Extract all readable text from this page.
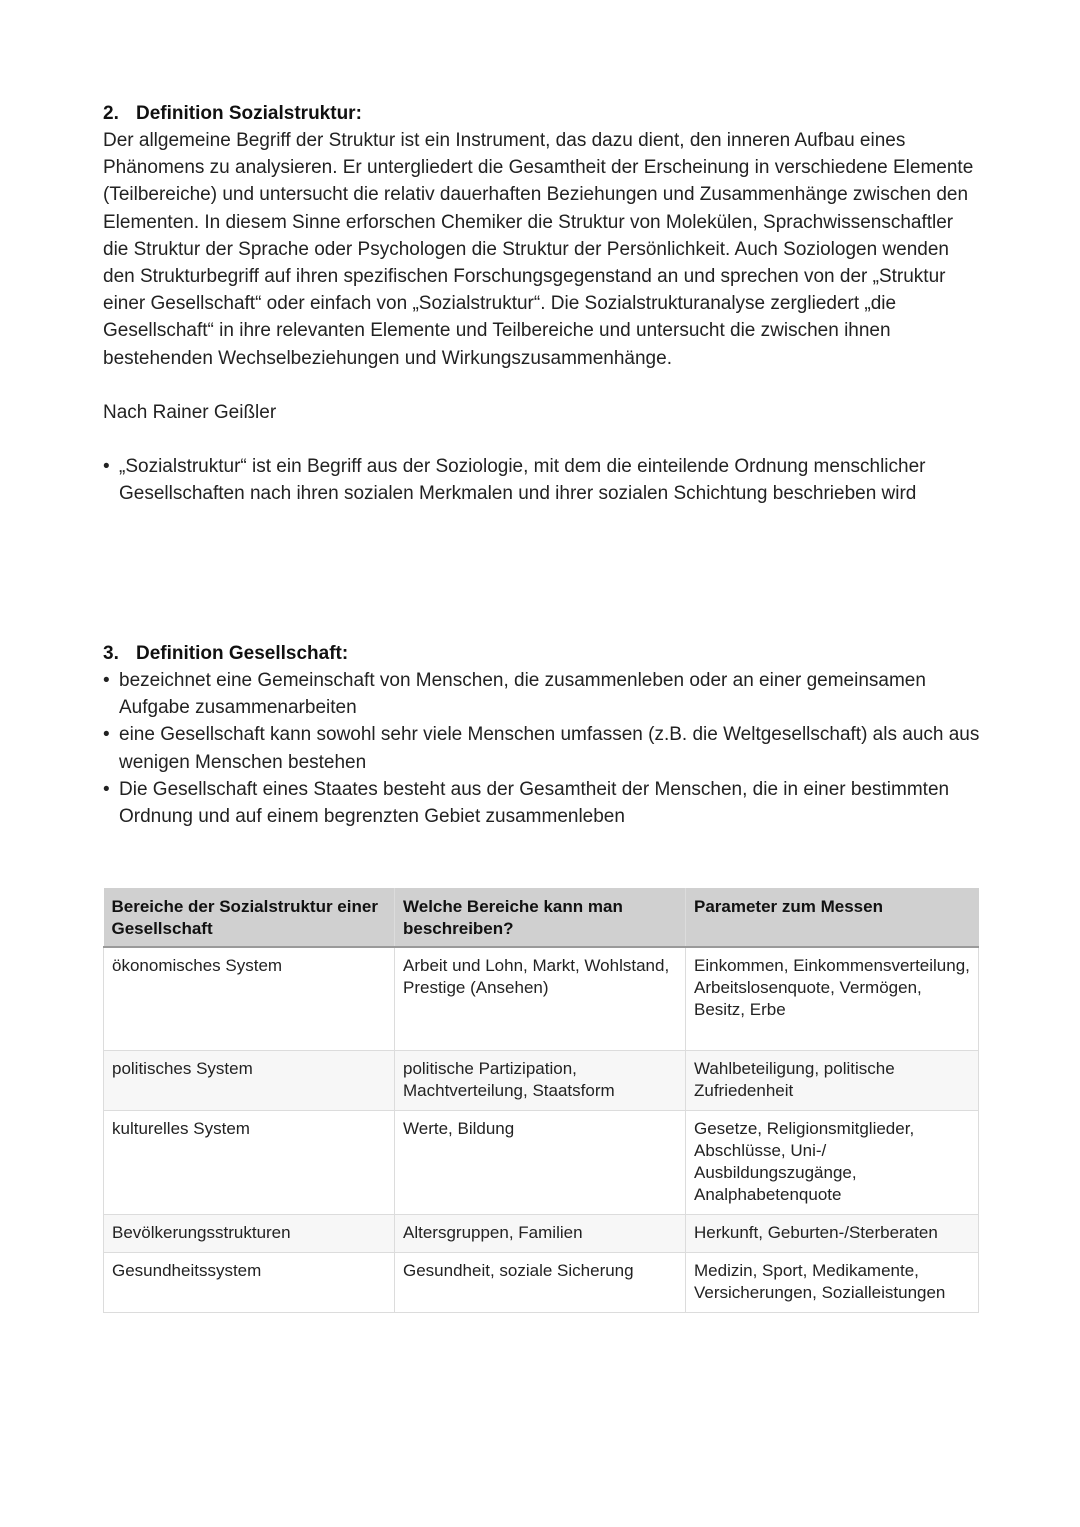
2. Definition Sozialstruktur:

Der allgemeine Begriff der Struktur ist ein Instrument, das dazu dient, den inneren Aufbau eines Phänomens zu analysieren. Er untergliedert die Gesamtheit der Erscheinung in verschiedene Elemente (Teilbereiche) und untersucht die relativ dauerhaften Beziehungen und Zusammenhänge zwischen den Elementen. In diesem Sinne erforschen Chemiker die Struktur von Molekülen, Sprachwissenschaftler die Struktur der Sprache oder Psychologen die Struktur der Persönlichkeit. Auch Soziologen wenden den Strukturbegriff auf ihren spezifischen Forschungsgegenstand an und sprechen von der „Struktur einer Gesellschaft“ oder einfach von „Sozialstruktur“. Die Sozialstrukturanalyse zergliedert „die Gesellschaft“ in ihre relevanten Elemente und Teilbereiche und untersucht die zwischen ihnen bestehenden Wechselbeziehungen und Wirkungszusammenhänge.

Nach Rainer Geißler

• „Sozialstruktur“ ist ein Begriff aus der Soziologie, mit dem die einteilende Ordnung menschlicher Gesellschaften nach ihren sozialen Merkmalen und ihrer sozialen Schichtung beschrieben wird
3. Definition Gesellschaft:
• bezeichnet eine Gemeinschaft von Menschen, die zusammenleben oder an einer gemeinsamen Aufgabe zusammenarbeiten
• eine Gesellschaft kann sowohl sehr viele Menschen umfassen (z.B. die Weltgesellschaft) als auch aus wenigen Menschen bestehen
• Die Gesellschaft eines Staates besteht aus der Gesamtheit der Menschen, die in einer bestimmten Ordnung und auf einem begrenzten Gebiet zusammenleben
Bereiche der Sozialstruktur einer Gesellschaft	Welche Bereiche kann man beschreiben?	Parameter zum Messen
ökonomisches System	Arbeit und Lohn, Markt, Wohlstand, Prestige (Ansehen)	Einkommen, Einkommensverteilung, Arbeitslosenquote, Vermögen, Besitz, Erbe
politisches System	politische Partizipation, Machtverteilung, Staatsform	Wahlbeteiligung, politische Zufriedenheit
kulturelles System	Werte, Bildung	Gesetze, Religionsmitglieder, Abschlüsse, Uni-/ Ausbildungszugänge, Analphabetenquote
Bevölkerungsstrukturen	Altersgruppen, Familien	Herkunft, Geburten-/Sterberaten
Gesundheitssystem	Gesundheit, soziale Sicherung	Medizin, Sport, Medikamente, Versicherungen, Sozialleistungen
